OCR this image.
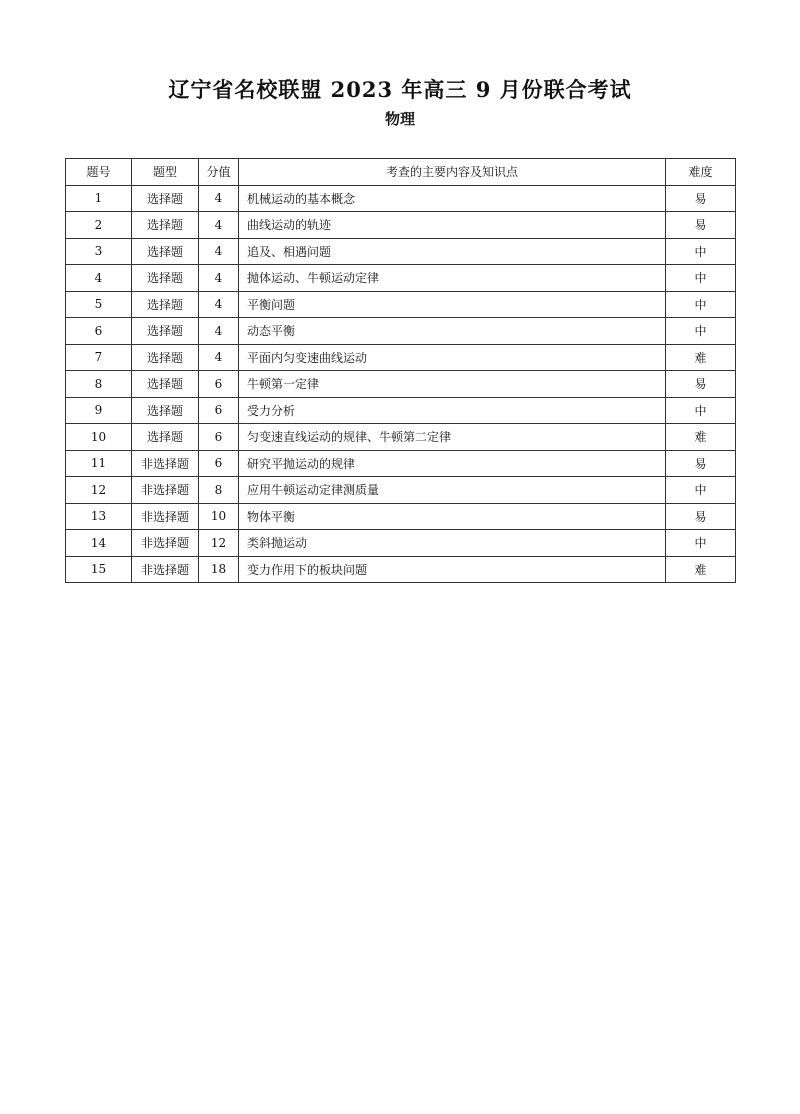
辽宁省名校联盟 2023 年高三 9 月份联合考试
物理
题号	题型	分值	考查的主要内容及知识点	难度
1	选择题	4	机械运动的基本概念	易
2	选择题	4	曲线运动的轨迹	易
3	选择题	4	追及、相遇问题	中
4	选择题	4	抛体运动、牛顿运动定律	中
5	选择题	4	平衡问题	中
6	选择题	4	动态平衡	中
7	选择题	4	平面内匀变速曲线运动	难
8	选择题	6	牛顿第一定律	易
9	选择题	6	受力分析	中
10	选择题	6	匀变速直线运动的规律、牛顿第二定律	难
11	非选择题	6	研究平抛运动的规律	易
12	非选择题	8	应用牛顿运动定律测质量	中
13	非选择题	10	物体平衡	易
14	非选择题	12	类斜抛运动	中
15	非选择题	18	变力作用下的板块问题	难
